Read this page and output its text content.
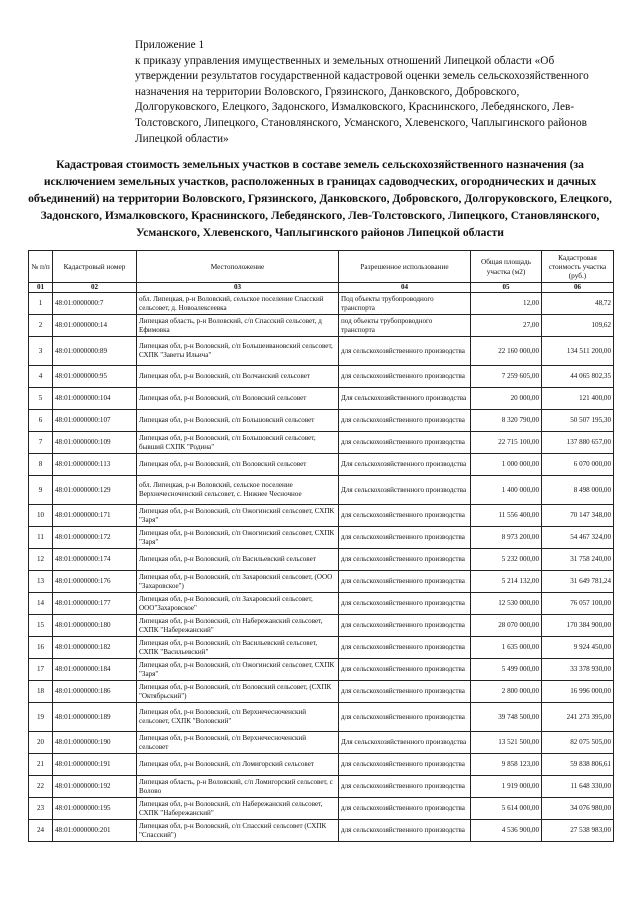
Приложение 1
к приказу управления имущественных и земельных отношений Липецкой области «Об утверждении результатов государственной кадастровой оценки земель сельскохозяйственного назначения на территории Воловского, Грязинского, Данковского, Добровского, Долгоруковского, Елецкого, Задонского, Измалковского, Краснинского, Лебедянского, Лев-Толстовского, Липецкого, Становлянского, Усманского, Хлевенского, Чаплыгинского районов Липецкой области»
Кадастровая стоимость земельных участков в составе земель сельскохозяйственного назначения (за исключением земельных участков, расположенных в границах садоводческих, огороднических и дачных объединений) на территории Воловского, Грязинского, Данковского, Добровского, Долгоруковского, Елецкого, Задонского, Измалковского, Краснинского, Лебедянского, Лев-Толстовского, Липецкого, Становлянского, Усманского, Хлевенского, Чаплыгинского районов Липецкой области
№ п/п	Кадастровый номер	Местоположение	Разрешенное использование	Общая площадь участка (м2)	Кадастровая стоимость участка (руб.)
01	02	03	04	05	06
1	48:01:0000000:7	обл. Липецкая, р-н Воловский, сельское поселение Спасский сельсовет, д. Новоалексеевка	Под объекты трубопроводного транспорта	12,00	48,72
2	48:01:0000000:14	Липецкая область, р-н Воловский, с/п Спасский сельсовет, д Ефимовка	под объекты трубопроводного транспорта	27,00	109,62
3	48:01:0000000:89	Липецкая обл, р-н Воловский, с/п Большеивановский сельсовет, СХПК "Заветы Ильича"	для сельскохозяйственного производства	22 160 000,00	134 511 200,00
4	48:01:0000000:95	Липецкая обл, р-н Воловский, с/п Волчанский сельсовет	для сельскохозяйственного производства	7 259 605,00	44 065 802,35
5	48:01:0000000:104	Липецкая обл, р-н Воловский, с/п Воловский сельсовет	Для сельскохозяйственного производства	20 000,00	121 400,00
6	48:01:0000000:107	Липецкая обл, р-н Воловский, с/п Большовский сельсовет	для сельскохозяйственного производства	8 320 790,00	50 507 195,30
7	48:01:0000000:109	Липецкая обл, р-н Воловский, с/п Большовский сельсовет, бывший СХПК "Родина"	для сельскохозяйственного производства	22 715 100,00	137 880 657,00
8	48:01:0000000:113	Липецкая обл, р-н Воловский, с/п Воловский сельсовет	Для сельскохозяйственного производства	1 000 000,00	6 070 000,00
9	48:01:0000000:129	обл. Липецкая, р-н Воловский, сельское поселение Верхнечесноченский сельсовет, с. Нижнее Чесночное	Для сельскохозяйственного производства	1 400 000,00	8 498 000,00
10	48:01:0000000:171	Липецкая обл, р-н Воловский, с/п Ожогинский сельсовет, СХПК "Заря"	для сельскохозяйственного производства	11 556 400,00	70 147 348,00
11	48:01:0000000:172	Липецкая обл, р-н Воловский, с/п Ожогинский сельсовет, СХПК "Заря"	для сельскохозяйственного производства	8 973 200,00	54 467 324,00
12	48:01:0000000:174	Липецкая обл, р-н Воловский, с/п Васильевский сельсовет	для сельскохозяйственного производства	5 232 000,00	31 758 240,00
13	48:01:0000000:176	Липецкая обл, р-н Воловский, с/п Захаровский сельсовет, (ООО "Захаровское")	для сельскохозяйственного производства	5 214 132,00	31 649 781,24
14	48:01:0000000:177	Липецкая обл, р-н Воловский, с/п Захаровский сельсовет, ООО"Захаровское"	для сельскохозяйственного производства	12 530 000,00	76 057 100,00
15	48:01:0000000:180	Липецкая обл, р-н Воловский, с/п Набережанский сельсовет, СХПК "Набережанский"	для сельскохозяйственного производства	28 070 000,00	170 384 900,00
16	48:01:0000000:182	Липецкая обл, р-н Воловский, с/п Васильевский сельсовет, СХПК "Васильевский"	для сельскохозяйственного производства	1 635 000,00	9 924 450,00
17	48:01:0000000:184	Липецкая обл, р-н Воловский, с/п Ожогинский сельсовет, СХПК "Заря"	для сельскохозяйственного производства	5 499 000,00	33 378 930,00
18	48:01:0000000:186	Липецкая обл, р-н Воловский, с/п Воловский сельсовет, (СХПК "Октябрьский")	для сельскохозяйственного производства	2 800 000,00	16 996 000,00
19	48:01:0000000:189	Липецкая обл, р-н Воловский, с/п Верхнечесноченский сельсовет, СХПК "Воловский"	для сельскохозяйственного производства	39 748 500,00	241 273 395,00
20	48:01:0000000:190	Липецкая обл, р-н Воловский, с/п Верхнечесноченский сельсовет	Для сельскохозяйственного производства	13 521 500,00	82 075 505,00
21	48:01:0000000:191	Липецкая обл, р-н Воловский, с/п Ломигорский сельсовет	для сельскохозяйственного производства	9 858 123,00	59 838 806,61
22	48:01:0000000:192	Липецкая область, р-н Воловский, с/п Ломигорский сельсовет, с Волово	для сельскохозяйственного производства	1 919 000,00	11 648 330,00
23	48:01:0000000:195	Липецкая обл, р-н Воловский, с/п Набережанский сельсовет, СХПК "Набережанский"	для сельскохозяйственного производства	5 614 000,00	34 076 980,00
24	48:01:0000000:201	Липецкая обл, р-н Воловский, с/п Спасский сельсовет (СХПК "Спасский")	для сельскохозяйственного производства	4 536 900,00	27 538 983,00
